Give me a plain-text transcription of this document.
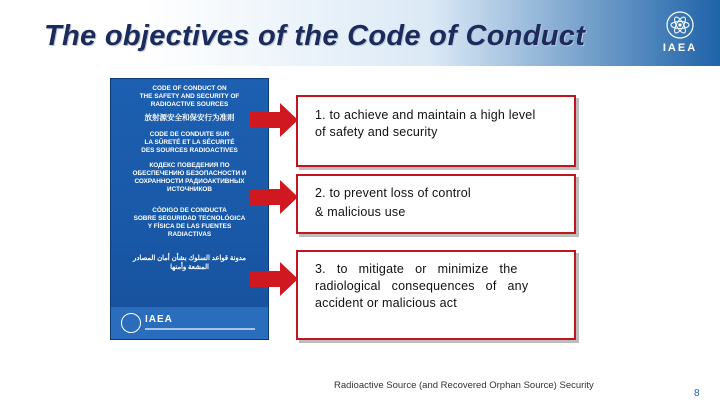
The objectives of the Code of Conduct	IAEA
CODE OF CONDUCT ON
THE SAFETY AND SECURITY OF
RADIOACTIVE SOURCES
放射源安全和保安行为准则
CODE DE CONDUITE SUR
LA SÛRETÉ ET LA SÉCURITÉ
DES SOURCES RADIOACTIVES
КОДЕКС ПОВЕДЕНИЯ ПО
ОБЕСПЕЧЕНИЮ БЕЗОПАСНОСТИ И
СОХРАННОСТИ РАДИОАКТИВНЫХ
ИСТОЧНИКОВ
CÓDIGO DE CONDUCTA
SOBRE SEGURIDAD TECNOLÓGICA
Y FÍSICA DE LAS FUENTES
RADIACTIVAS
مدونة قواعد السلوك بشأن أمان المصادر
المشعة وأمنها
IAEA
1. to achieve and maintain a high level
of safety and security
2. to prevent loss of control
& malicious use
3.   to   mitigate   or   minimize   the
radiological   consequences   of   any
accident or malicious act
Radioactive Source (and Recovered Orphan Source) Security
8
